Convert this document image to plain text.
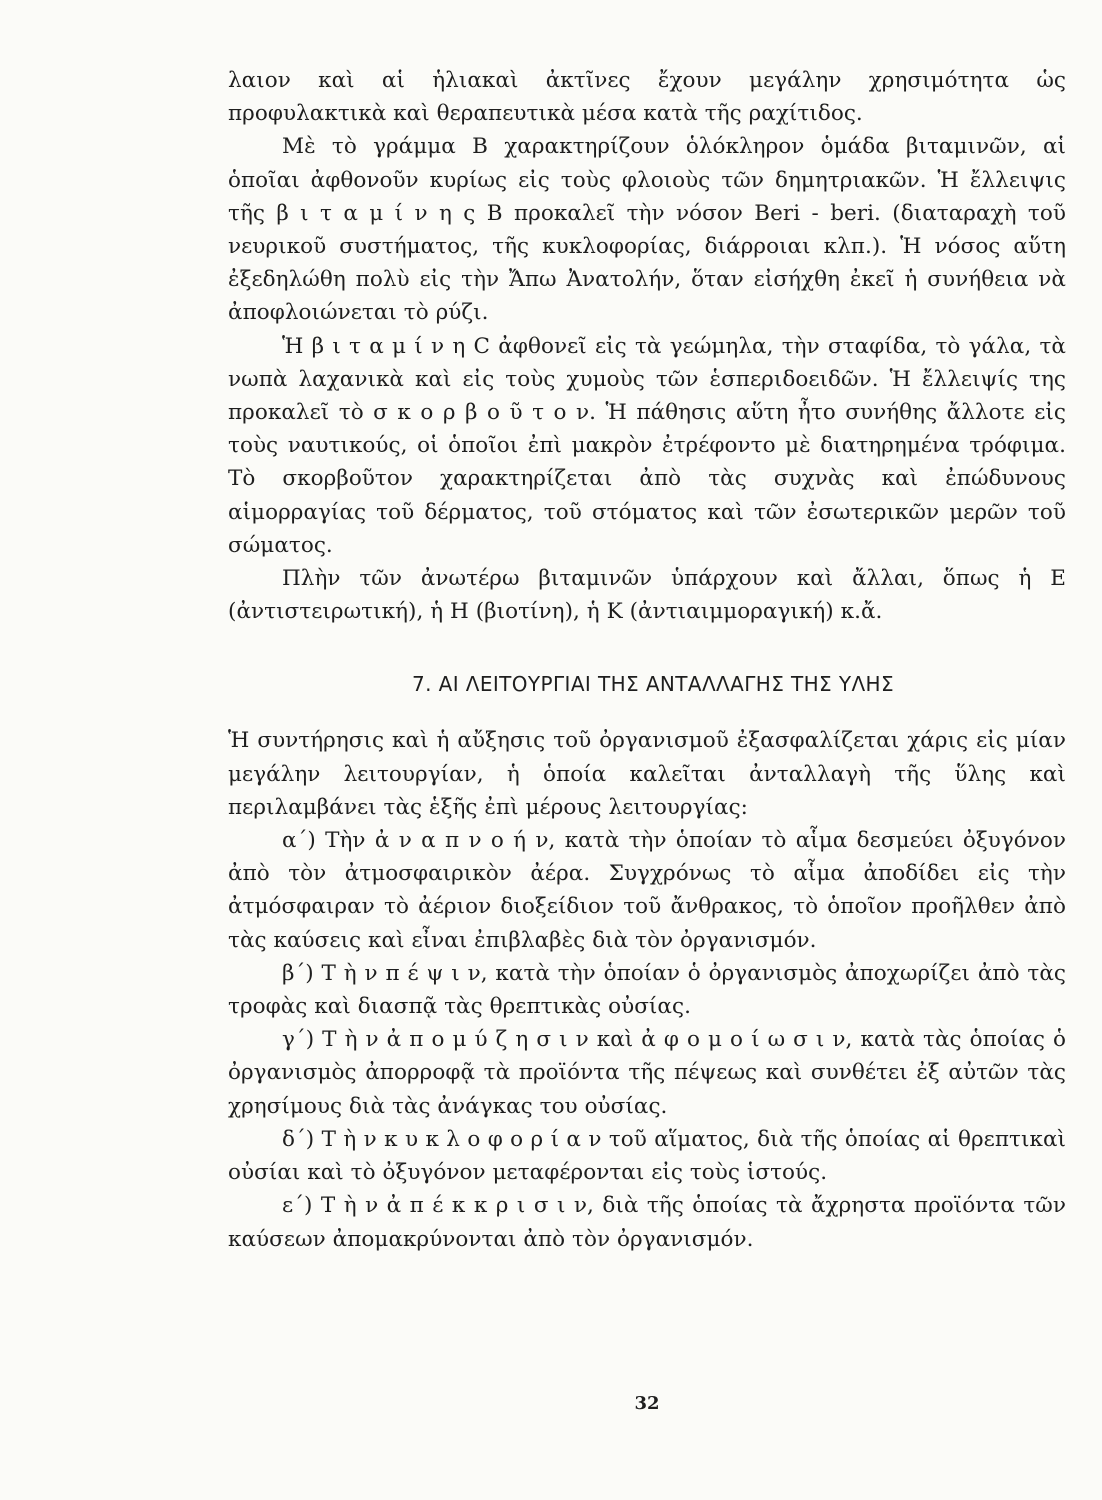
λαιον καὶ αἱ ἡλιακαὶ ἀκτῖνες ἔχουν μεγάλην χρησιμότητα ὡς προφυλακτικὰ καὶ θεραπευτικὰ μέσα κατὰ τῆς ραχίτιδος.

Μὲ τὸ γράμμα Β χαρακτηρίζουν ὁλόκληρον ὁμάδα βιταμινῶν, αἱ ὁποῖαι ἀφθονοῦν κυρίως εἰς τοὺς φλοιοὺς τῶν δημητριακῶν. Ἡ ἔλλειψις τῆς β ι τ α μ ί ν η ς Β προκαλεῖ τὴν νόσον Beri - beri. (διαταραχὴ τοῦ νευρικοῦ συστήματος, τῆς κυκλοφορίας, διάρροιαι κλπ.). Ἡ νόσος αὕτη ἐξεδηλώθη πολὺ εἰς τὴν Ἄπω Ἀνατολήν, ὅταν εἰσήχθη ἐκεῖ ἡ συνήθεια νὰ ἀποφλοιώνεται τὸ ρύζι.

Ἡ β ι τ α μ ί ν η C ἀφθονεῖ εἰς τὰ γεώμηλα, τὴν σταφίδα, τὸ γάλα, τὰ νωπὰ λαχανικὰ καὶ εἰς τοὺς χυμοὺς τῶν ἑσπεριδοειδῶν. Ἡ ἔλλειψίς της προκαλεῖ τὸ σ κ ο ρ β ο ῦ τ ο ν. Ἡ πάθησις αὕτη ἦτο συνήθης ἄλλοτε εἰς τοὺς ναυτικούς, οἱ ὁποῖοι ἐπὶ μακρὸν ἐτρέφοντο μὲ διατηρημένα τρόφιμα. Τὸ σκορβοῦτον χαρακτηρίζεται ἀπὸ τὰς συχνὰς καὶ ἐπώδυνους αἱμορραγίας τοῦ δέρματος, τοῦ στόματος καὶ τῶν ἐσωτερικῶν μερῶν τοῦ σώματος.

Πλὴν τῶν ἀνωτέρω βιταμινῶν ὑπάρχουν καὶ ἄλλαι, ὅπως ἡ Ε (ἀντιστειρωτική), ἡ Η (βιοτίνη), ἡ Κ (ἀντιαιμμοραγική) κ.ἄ.

7. ΑΙ ΛΕΙΤΟΥΡΓΙΑΙ ΤΗΣ ΑΝΤΑΛΛΑΓΗΣ ΤΗΣ ΥΛΗΣ

Ἡ συντήρησις καὶ ἡ αὔξησις τοῦ ὀργανισμοῦ ἐξασφαλίζεται χάρις εἰς μίαν μεγάλην λειτουργίαν, ἡ ὁποία καλεῖται ἀνταλλαγὴ τῆς ὕλης καὶ περιλαμβάνει τὰς ἑξῆς ἐπὶ μέρους λειτουργίας:

α΄) Τὴν ἀ ν α π ν ο ή ν, κατὰ τὴν ὁποίαν τὸ αἷμα δεσμεύει ὀξυγόνον ἀπὸ τὸν ἀτμοσφαιρικὸν ἀέρα. Συγχρόνως τὸ αἷμα ἀποδίδει εἰς τὴν ἀτμόσφαιραν τὸ ἀέριον διοξείδιον τοῦ ἄνθρακος, τὸ ὁποῖον προῆλθεν ἀπὸ τὰς καύσεις καὶ εἶναι ἐπιβλαβὲς διὰ τὸν ὀργανισμόν.

β΄) Τ ὴ ν π έ ψ ι ν, κατὰ τὴν ὁποίαν ὁ ὀργανισμὸς ἀποχωρίζει ἀπὸ τὰς τροφὰς καὶ διασπᾷ τὰς θρεπτικὰς οὐσίας.

γ΄) Τ ὴ ν ἀ π ο μ ύ ζ η σ ι ν καὶ ἀ φ ο μ ο ί ω σ ι ν, κατὰ τὰς ὁποίας ὁ ὀργανισμὸς ἀπορροφᾷ τὰ προϊόντα τῆς πέψεως καὶ συνθέτει ἐξ αὐτῶν τὰς χρησίμους διὰ τὰς ἀνάγκας του οὐσίας.

δ΄) Τ ὴ ν κ υ κ λ ο φ ο ρ ί α ν τοῦ αἵματος, διὰ τῆς ὁποίας αἱ θρεπτικαὶ οὐσίαι καὶ τὸ ὀξυγόνον μεταφέρονται εἰς τοὺς ἱστούς.

ε΄) Τ ὴ ν ἀ π έ κ κ ρ ι σ ι ν, διὰ τῆς ὁποίας τὰ ἄχρηστα προϊόντα τῶν καύσεων ἀπομακρύνονται ἀπὸ τὸν ὀργανισμόν.

32
